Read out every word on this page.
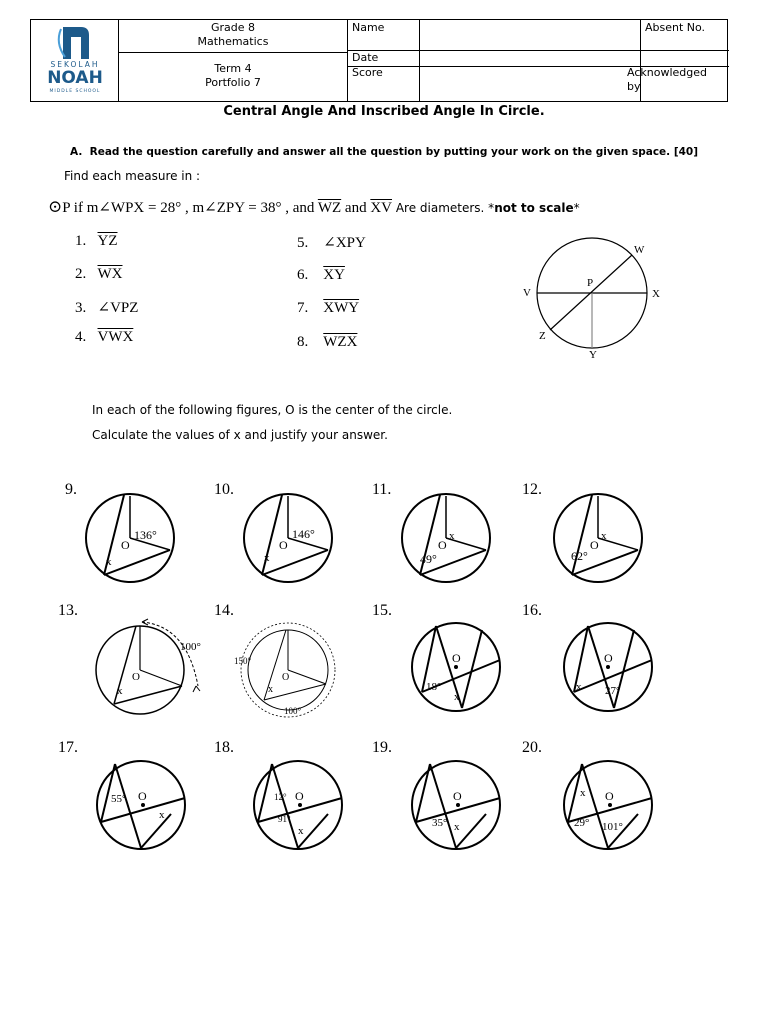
SEKOLAH
NOAH
MIDDLE SCHOOL
Grade 8
Mathematics
Term 4
Portfolio 7
Name	Absent No.
Date
Score	Acknowledged
by
Central Angle And Inscribed Angle In Circle.
A. Read the question carefully and answer all the question by putting your work on the given space. [40]
Find each measure in :
⊙P if m∠WPX = 28° , m∠ZPY = 38° , and $\overline{WZ}$ and $\overline{XV}$ Are diameters. *not to scale*
1. $\overline{YZ}$
2. $\overline{WX}$
3. ∠VPZ
4. $\overline{VWX}$
5. ∠XPY
6. $\overline{XY}$
7. $\overline{XWY}$
8. $\overline{WZX}$
W
V	X
P
Z
Y
In each of the following figures, O is the center of the circle.
Calculate the values of x and justify your answer.
9.	10.	11.	12.
13.	14.	15.	16.
17.	18.	19.	20.
136°
O
x
146°
O
x
x
O
49°
x
O
62°
100°
O
x
150°
100°
O
x
O
18°
x
O
x 27°
O
55°
x
O
12°
91°
x
O
35° x
O
x
29° 101°
